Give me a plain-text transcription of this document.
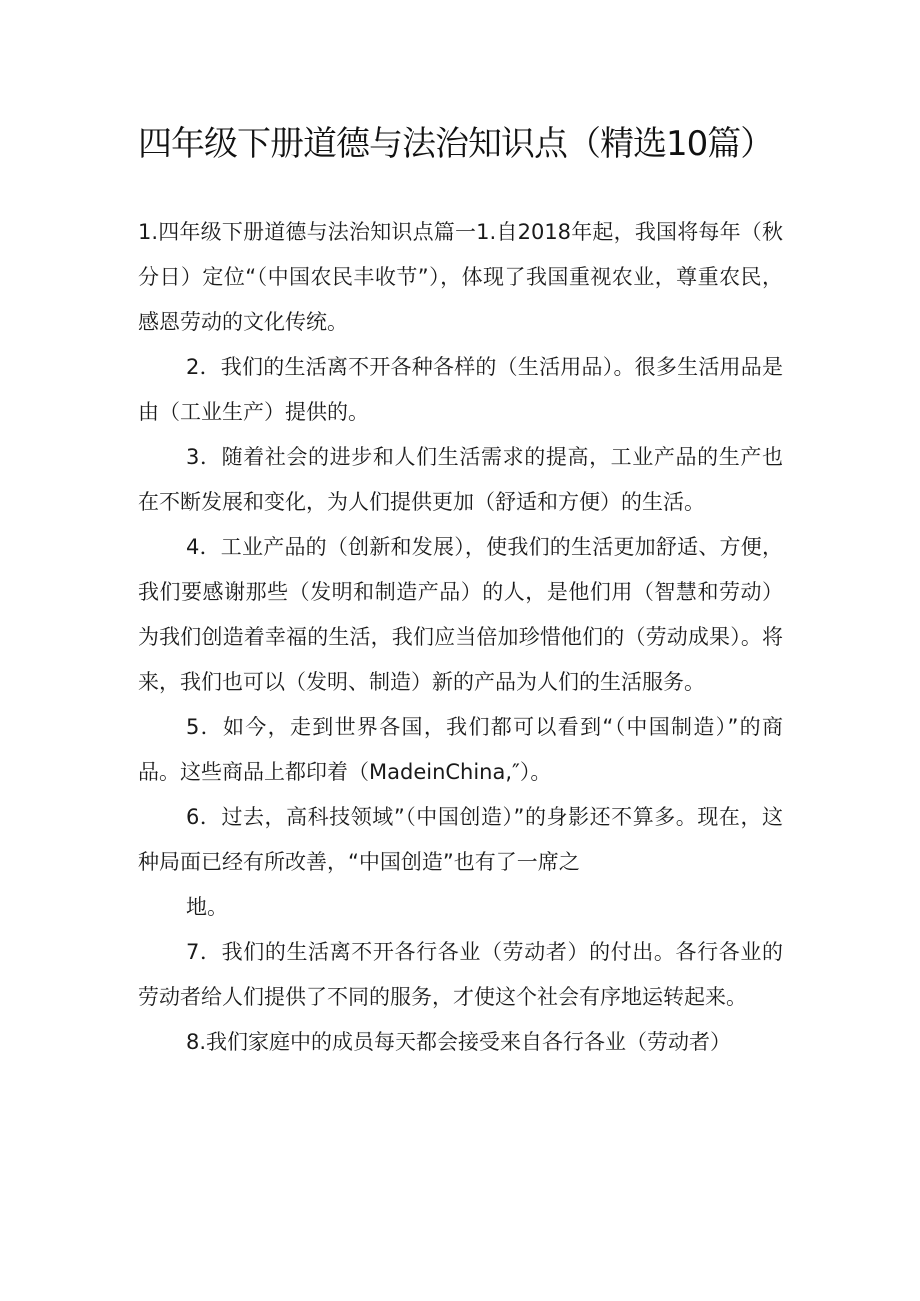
四年级下册道德与法治知识点（精选10篇）

1.四年级下册道德与法治知识点篇一1.自2018年起，我国将每年（秋分日）定位“（中国农民丰收节”），体现了我国重视农业，尊重农民，感恩劳动的文化传统。

2．我们的生活离不开各种各样的（生活用品）。很多生活用品是由（工业生产）提供的。

3．随着社会的进步和人们生活需求的提高，工业产品的生产也在不断发展和变化，为人们提供更加（舒适和方便）的生活。

4．工业产品的（创新和发展），使我们的生活更加舒适、方便，我们要感谢那些（发明和制造产品）的人，是他们用（智慧和劳动）为我们创造着幸福的生活，我们应当倍加珍惜他们的（劳动成果）。将来，我们也可以（发明、制造）新的产品为人们的生活服务。

5．如今，走到世界各国，我们都可以看到“（中国制造）”的商品。这些商品上都印着（MadeinChina,″）。

6．过去，高科技领域”（中国创造）”的身影还不算多。现在，这种局面已经有所改善，“中国创造”也有了一席之
地。

7．我们的生活离不开各行各业（劳动者）的付出。各行各业的劳动者给人们提供了不同的服务，才使这个社会有序地运转起来。

8.我们家庭中的成员每天都会接受来自各行各业（劳动者）
